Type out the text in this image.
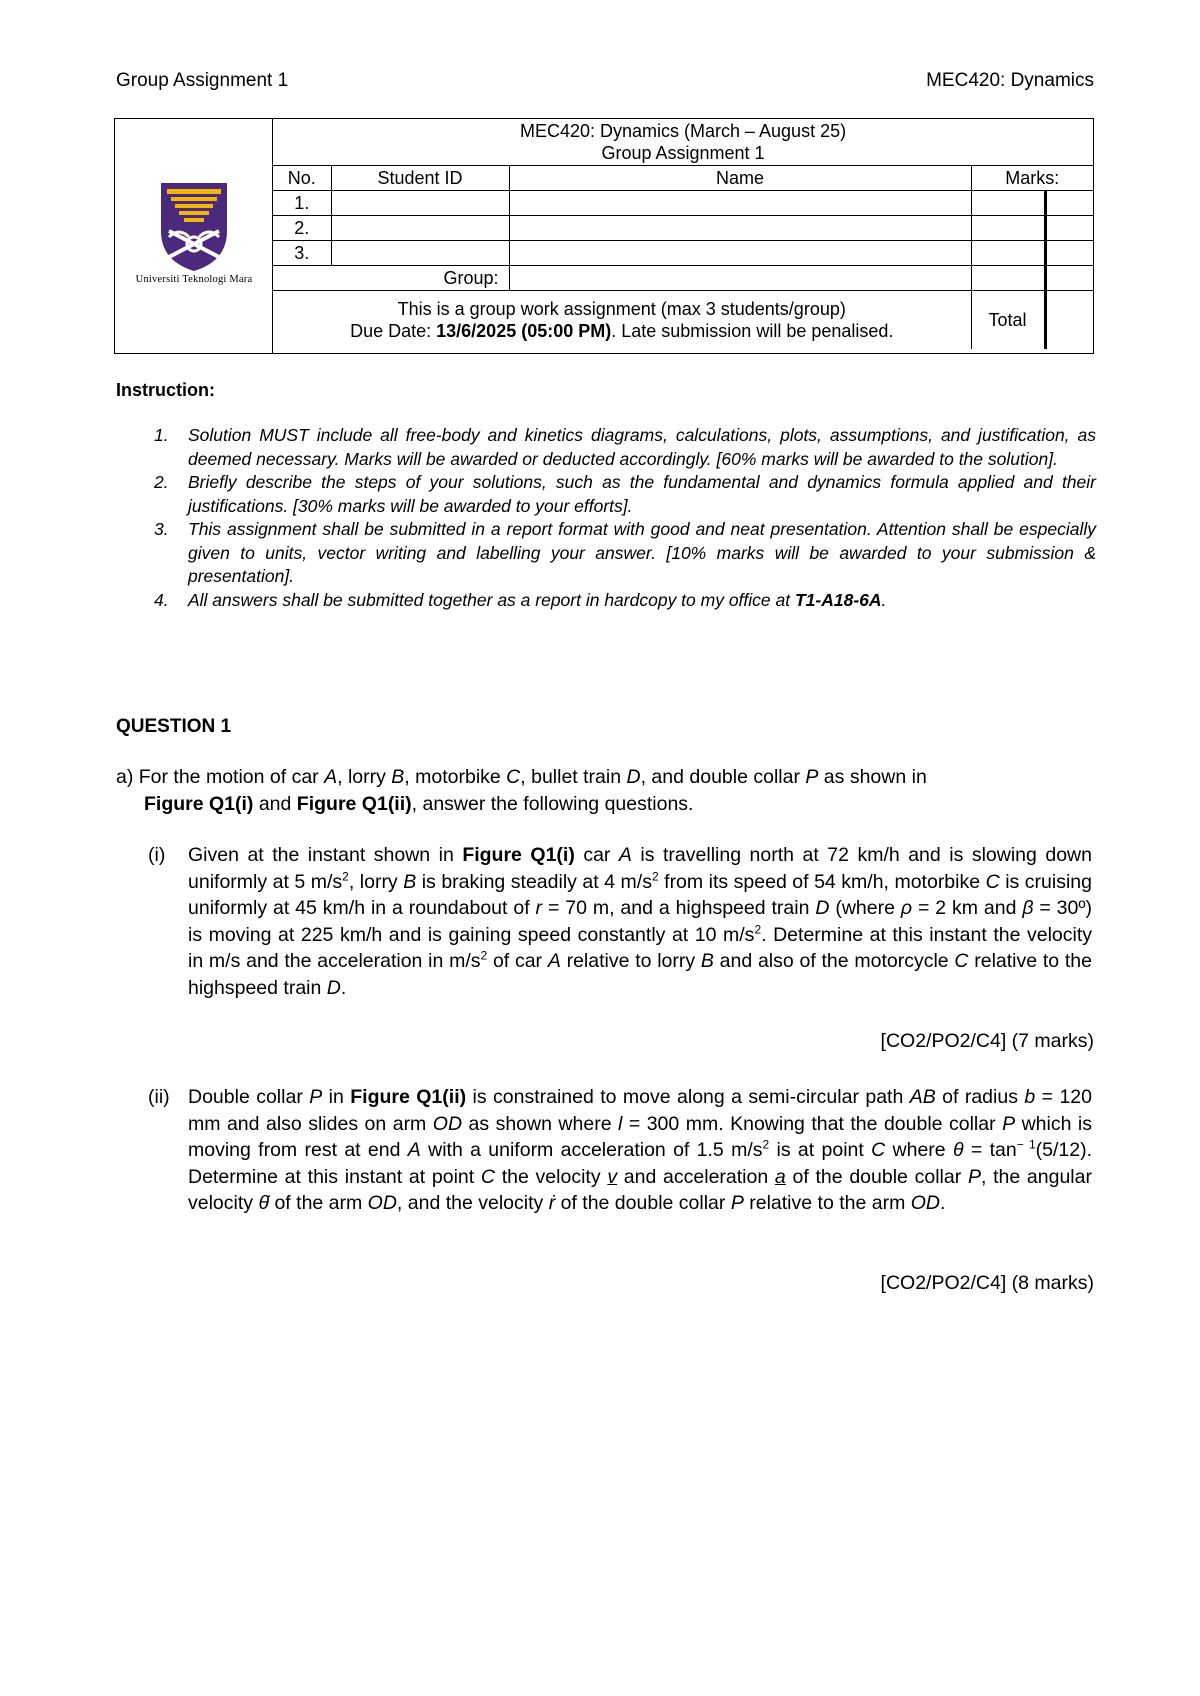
Group Assignment 1	MEC420: Dynamics
Universiti Teknologi Mara
MEC420: Dynamics (March – August 25)
Group Assignment 1				

No.	Student ID	Name	Marks:	
1.				
2.				
3.				
Group:				

This is a group work assignment (max 3 students/group)
Due Date: 13/6/2025 (05:00 PM). Late submission will be penalised.			Total	
Instruction:
1. Solution MUST include all free-body and kinetics diagrams, calculations, plots, assumptions, and justification, as deemed necessary. Marks will be awarded or deducted accordingly. [60% marks will be awarded to the solution].
2. Briefly describe the steps of your solutions, such as the fundamental and dynamics formula applied and their justifications. [30% marks will be awarded to your efforts].
3. This assignment shall be submitted in a report format with good and neat presentation. Attention shall be especially given to units, vector writing and labelling your answer. [10% marks will be awarded to your submission & presentation].
4. All answers shall be submitted together as a report in hardcopy to my office at T1-A18-6A.
QUESTION 1
a) For the motion of car A, lorry B, motorbike C, bullet train D, and double collar P as shown in
Figure Q1(i) and Figure Q1(ii), answer the following questions.
(i) Given at the instant shown in Figure Q1(i) car A is travelling north at 72 km/h and is slowing down uniformly at 5 $m/s^2$, lorry B is braking steadily at 4 $m/s^2$ from its speed of 54 km/h, motorbike C is cruising uniformly at 45 km/h in a roundabout of r = 70 m, and a highspeed train D (where ρ = 2 km and β = 30º) is moving at 225 km/h and is gaining speed constantly at 10 $m/s^2$. Determine at this instant the velocity in m/s and the acceleration in $m/s^2$ of car A relative to lorry B and also of the motorcycle C relative to the highspeed train D.
[CO2/PO2/C4] (7 marks)
(ii) Double collar P in Figure Q1(ii) is constrained to move along a semi-circular path AB of radius b = 120 mm and also slides on arm OD as shown where l = 300 mm. Knowing that the double collar P which is moving from rest at end A with a uniform acceleration of 1.5 $m/s^2$ is at point C where $\theta = \tan^{- 1}(5/12)$. Determine at this instant at point C the velocity v and acceleration a of the double collar P, the angular velocity θ̇ of the arm OD, and the velocity ṙ of the double collar P relative to the arm OD.
[CO2/PO2/C4] (8 marks)
